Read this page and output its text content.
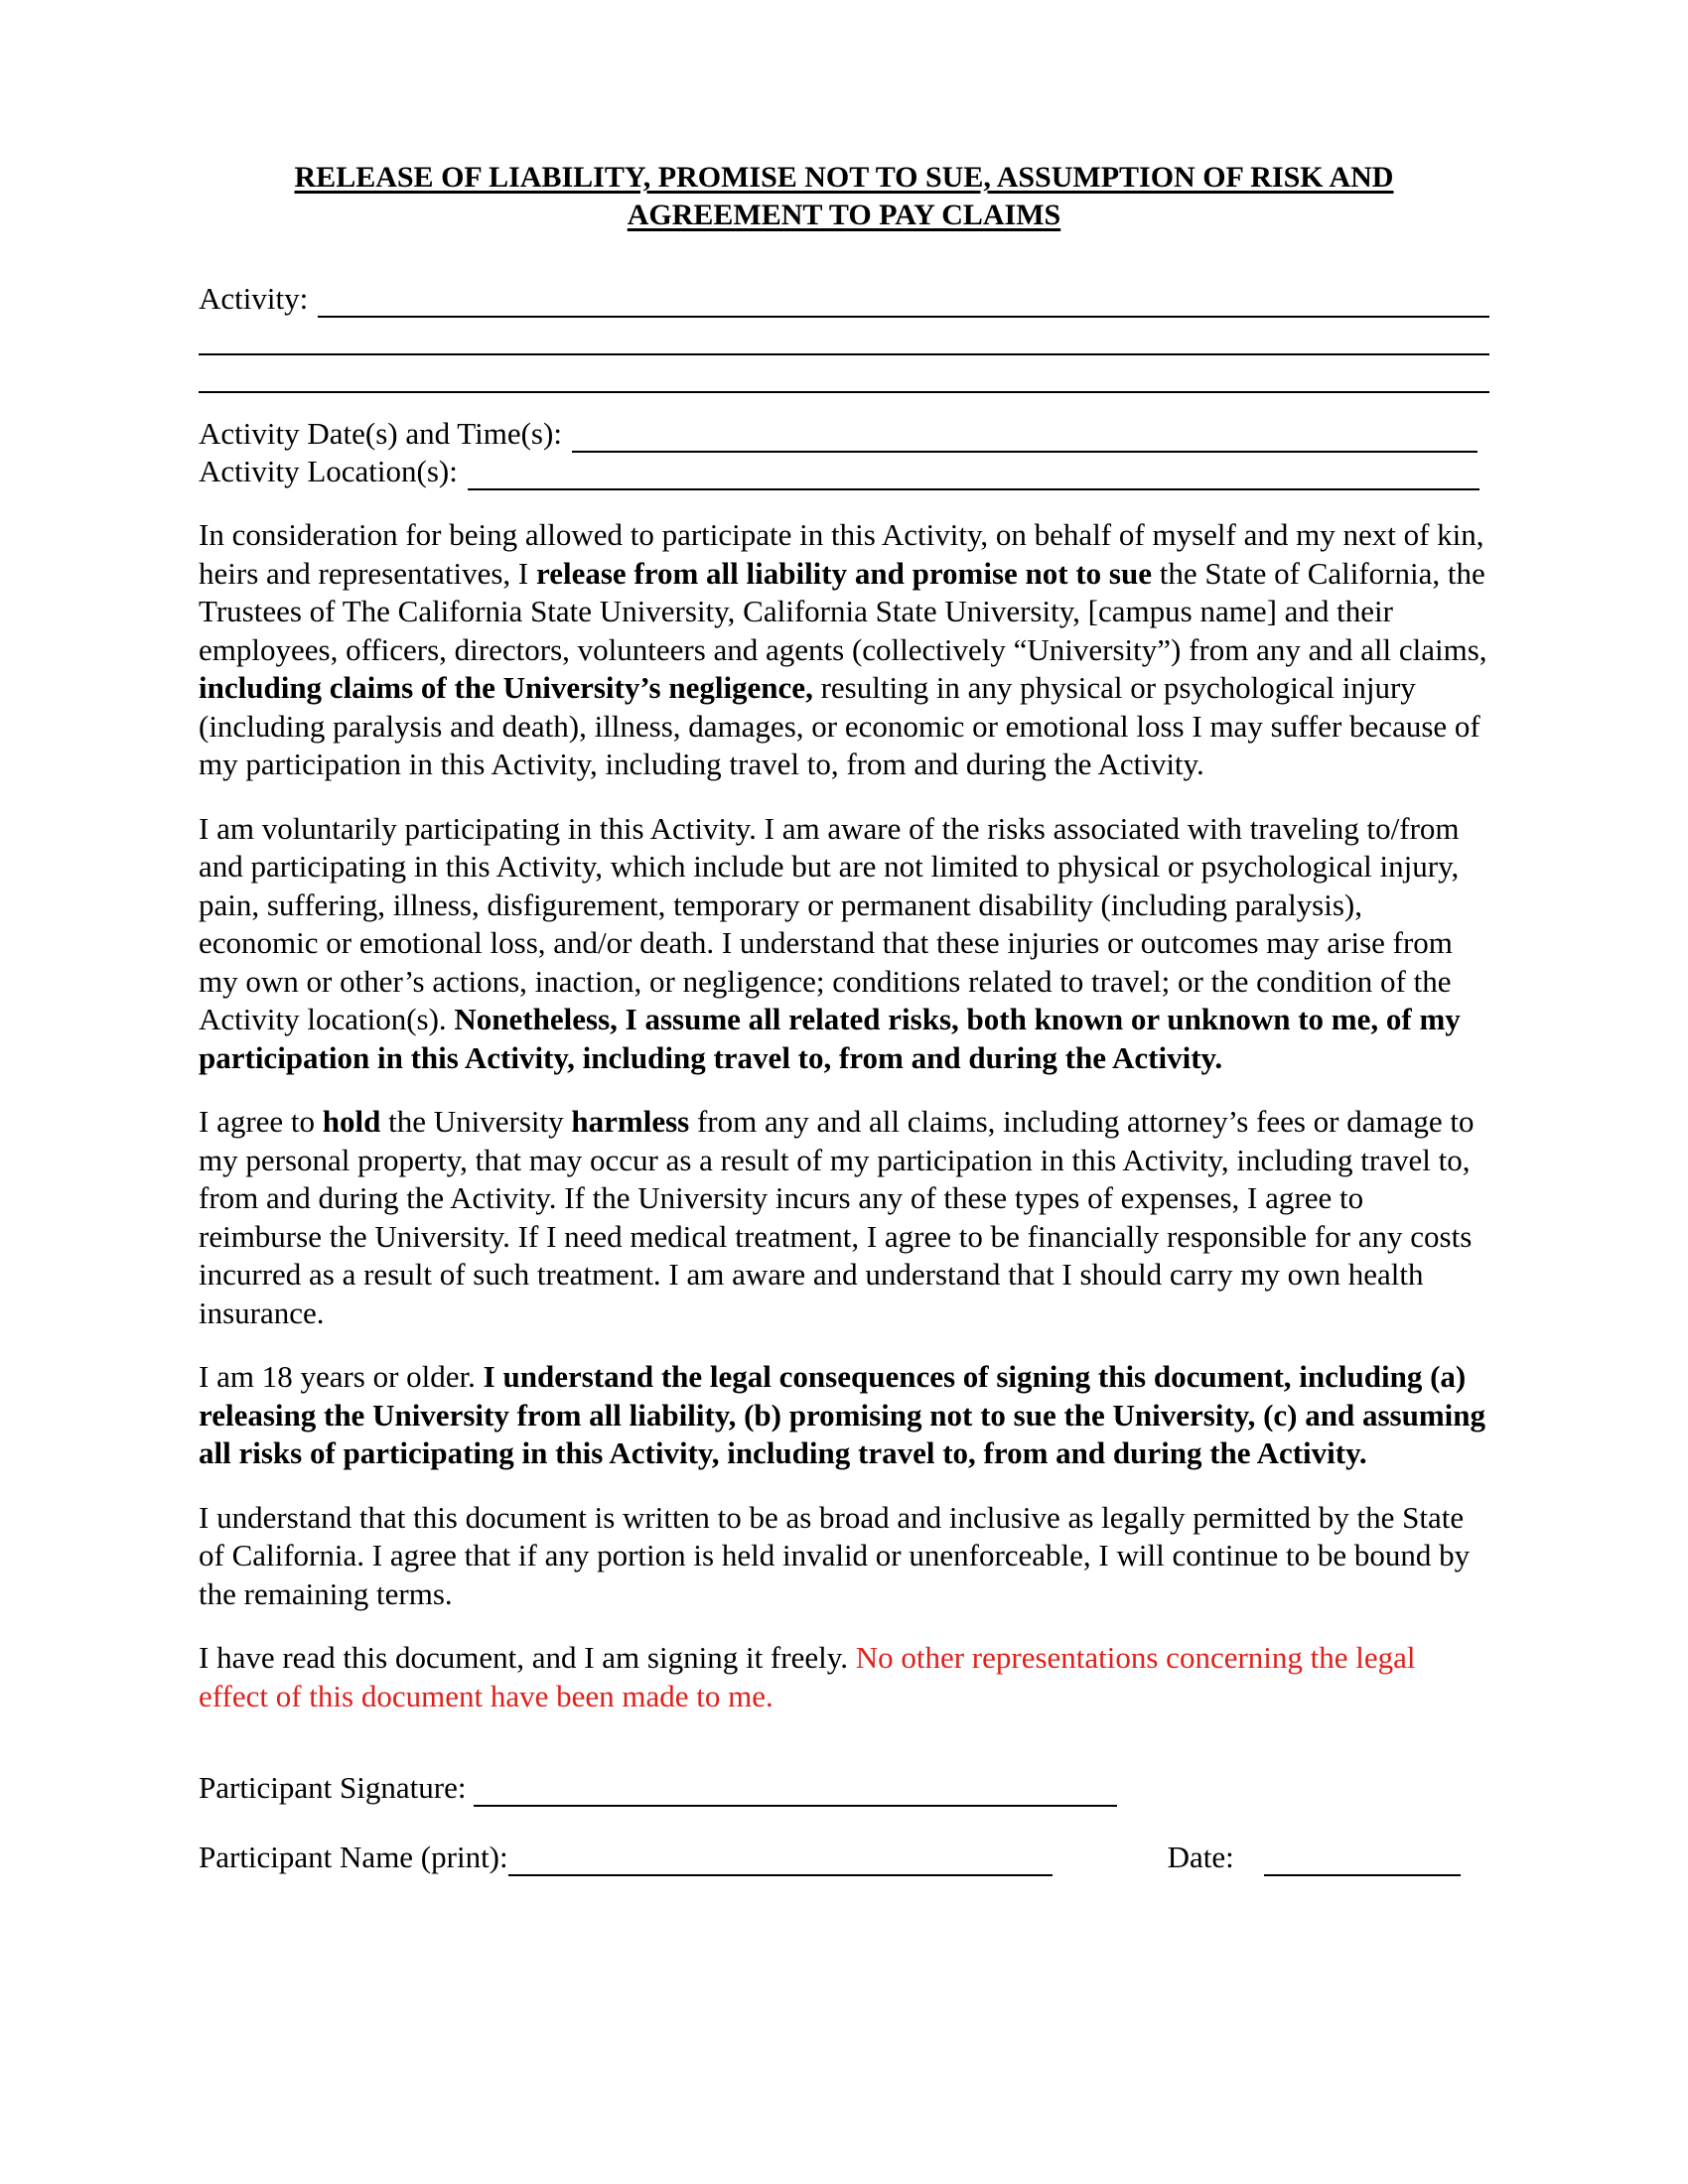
RELEASE OF LIABILITY, PROMISE NOT TO SUE, ASSUMPTION OF RISK AND
AGREEMENT TO PAY CLAIMS
Activity:
Activity Date(s) and Time(s):
Activity Location(s):

In consideration for being allowed to participate in this Activity, on behalf of myself and my next of kin, heirs and representatives, I release from all liability and promise not to sue the State of California, the Trustees of The California State University, California State University, [campus name] and their employees, officers, directors, volunteers and agents (collectively “University”) from any and all claims, including claims of the University’s negligence, resulting in any physical or psychological injury (including paralysis and death), illness, damages, or economic or emotional loss I may suffer because of my participation in this Activity, including travel to, from and during the Activity.

I am voluntarily participating in this Activity. I am aware of the risks associated with traveling to/from and participating in this Activity, which include but are not limited to physical or psychological injury, pain, suffering, illness, disfigurement, temporary or permanent disability (including paralysis), economic or emotional loss, and/or death. I understand that these injuries or outcomes may arise from my own or other’s actions, inaction, or negligence; conditions related to travel; or the condition of the Activity location(s). Nonetheless, I assume all related risks, both known or unknown to me, of my participation in this Activity, including travel to, from and during the Activity.

I agree to hold the University harmless from any and all claims, including attorney’s fees or damage to my personal property, that may occur as a result of my participation in this Activity, including travel to, from and during the Activity. If the University incurs any of these types of expenses, I agree to reimburse the University. If I need medical treatment, I agree to be financially responsible for any costs incurred as a result of such treatment. I am aware and understand that I should carry my own health insurance.

I am 18 years or older. I understand the legal consequences of signing this document, including (a) releasing the University from all liability, (b) promising not to sue the University, (c) and assuming all risks of participating in this Activity, including travel to, from and during the Activity.

I understand that this document is written to be as broad and inclusive as legally permitted by the State of California. I agree that if any portion is held invalid or unenforceable, I will continue to be bound by the remaining terms.

I have read this document, and I am signing it freely. No other representations concerning the legal effect of this document have been made to me.

Participant Signature:
Participant Name (print):	Date:
